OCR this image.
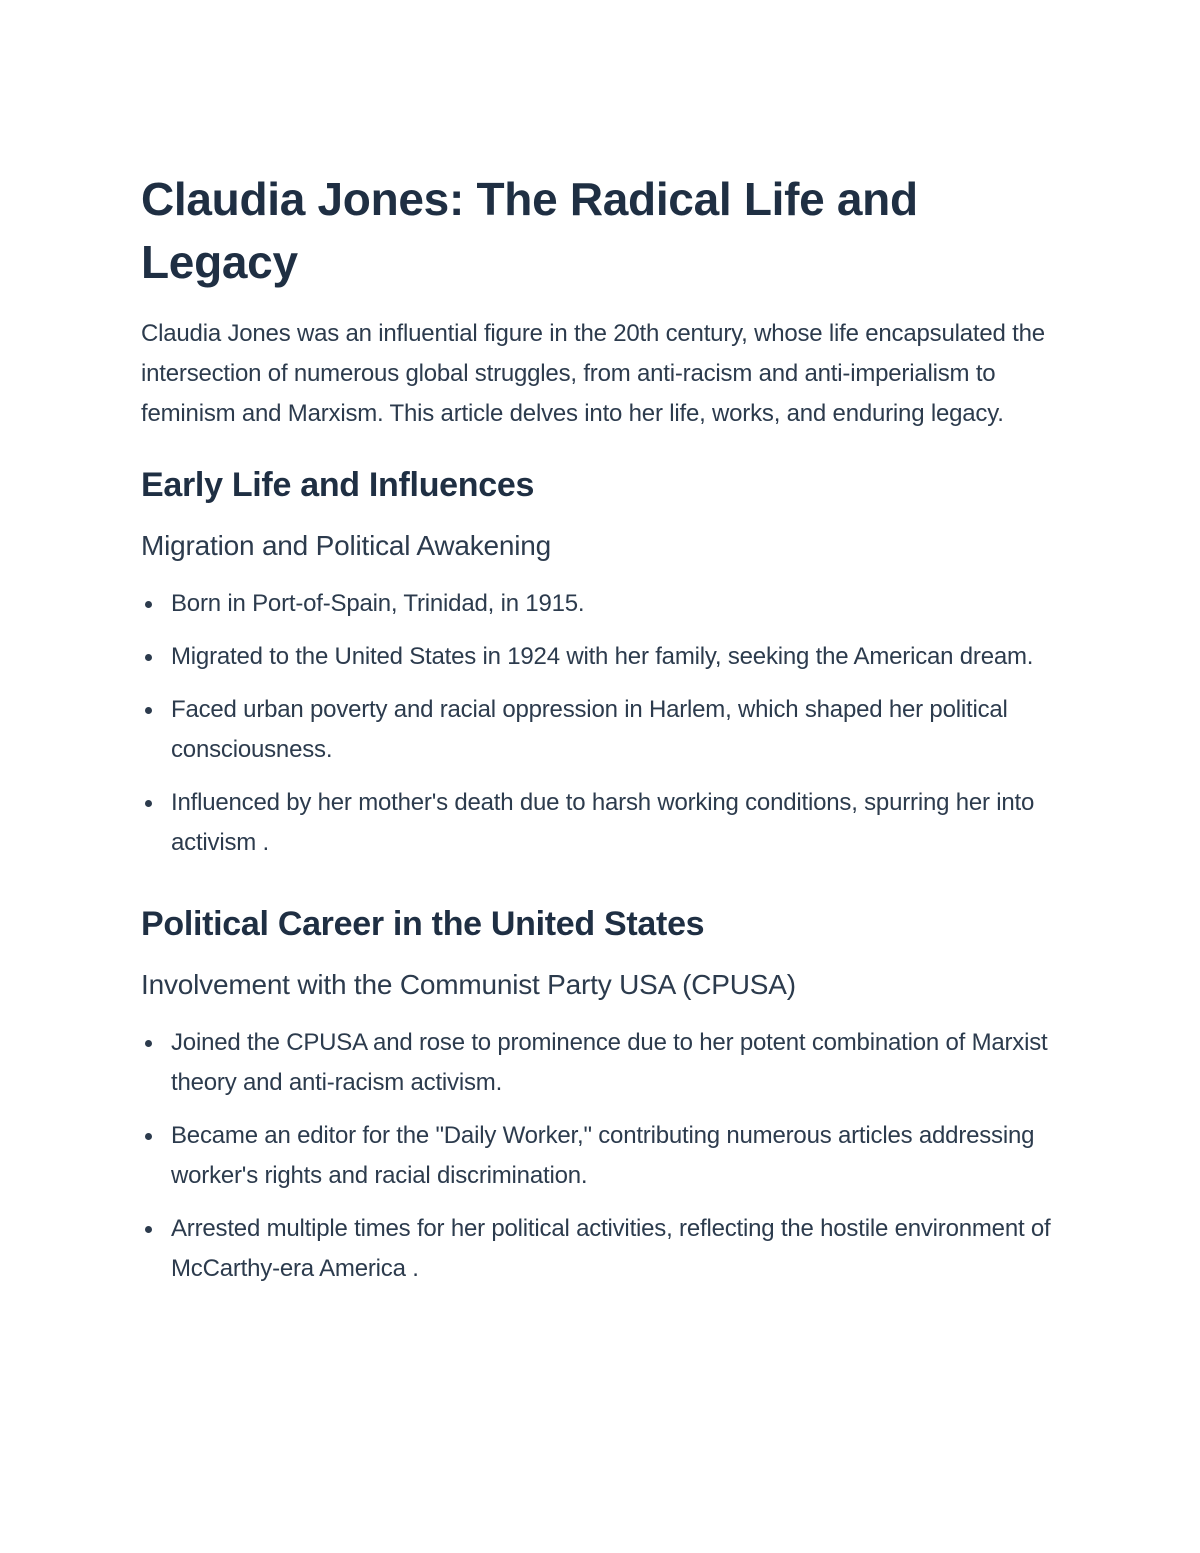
Claudia Jones: The Radical Life and Legacy

Claudia Jones was an influential figure in the 20th century, whose life encapsulated the intersection of numerous global struggles, from anti-racism and anti-imperialism to feminism and Marxism. This article delves into her life, works, and enduring legacy.

Early Life and Influences
Migration and Political Awakening
Born in Port-of-Spain, Trinidad, in 1915.
Migrated to the United States in 1924 with her family, seeking the American dream.
Faced urban poverty and racial oppression in Harlem, which shaped her political consciousness.
Influenced by her mother's death due to harsh working conditions, spurring her into activism .
Political Career in the United States
Involvement with the Communist Party USA (CPUSA)
Joined the CPUSA and rose to prominence due to her potent combination of Marxist theory and anti-racism activism.
Became an editor for the "Daily Worker," contributing numerous articles addressing worker's rights and racial discrimination.
Arrested multiple times for her political activities, reflecting the hostile environment of McCarthy-era America .
